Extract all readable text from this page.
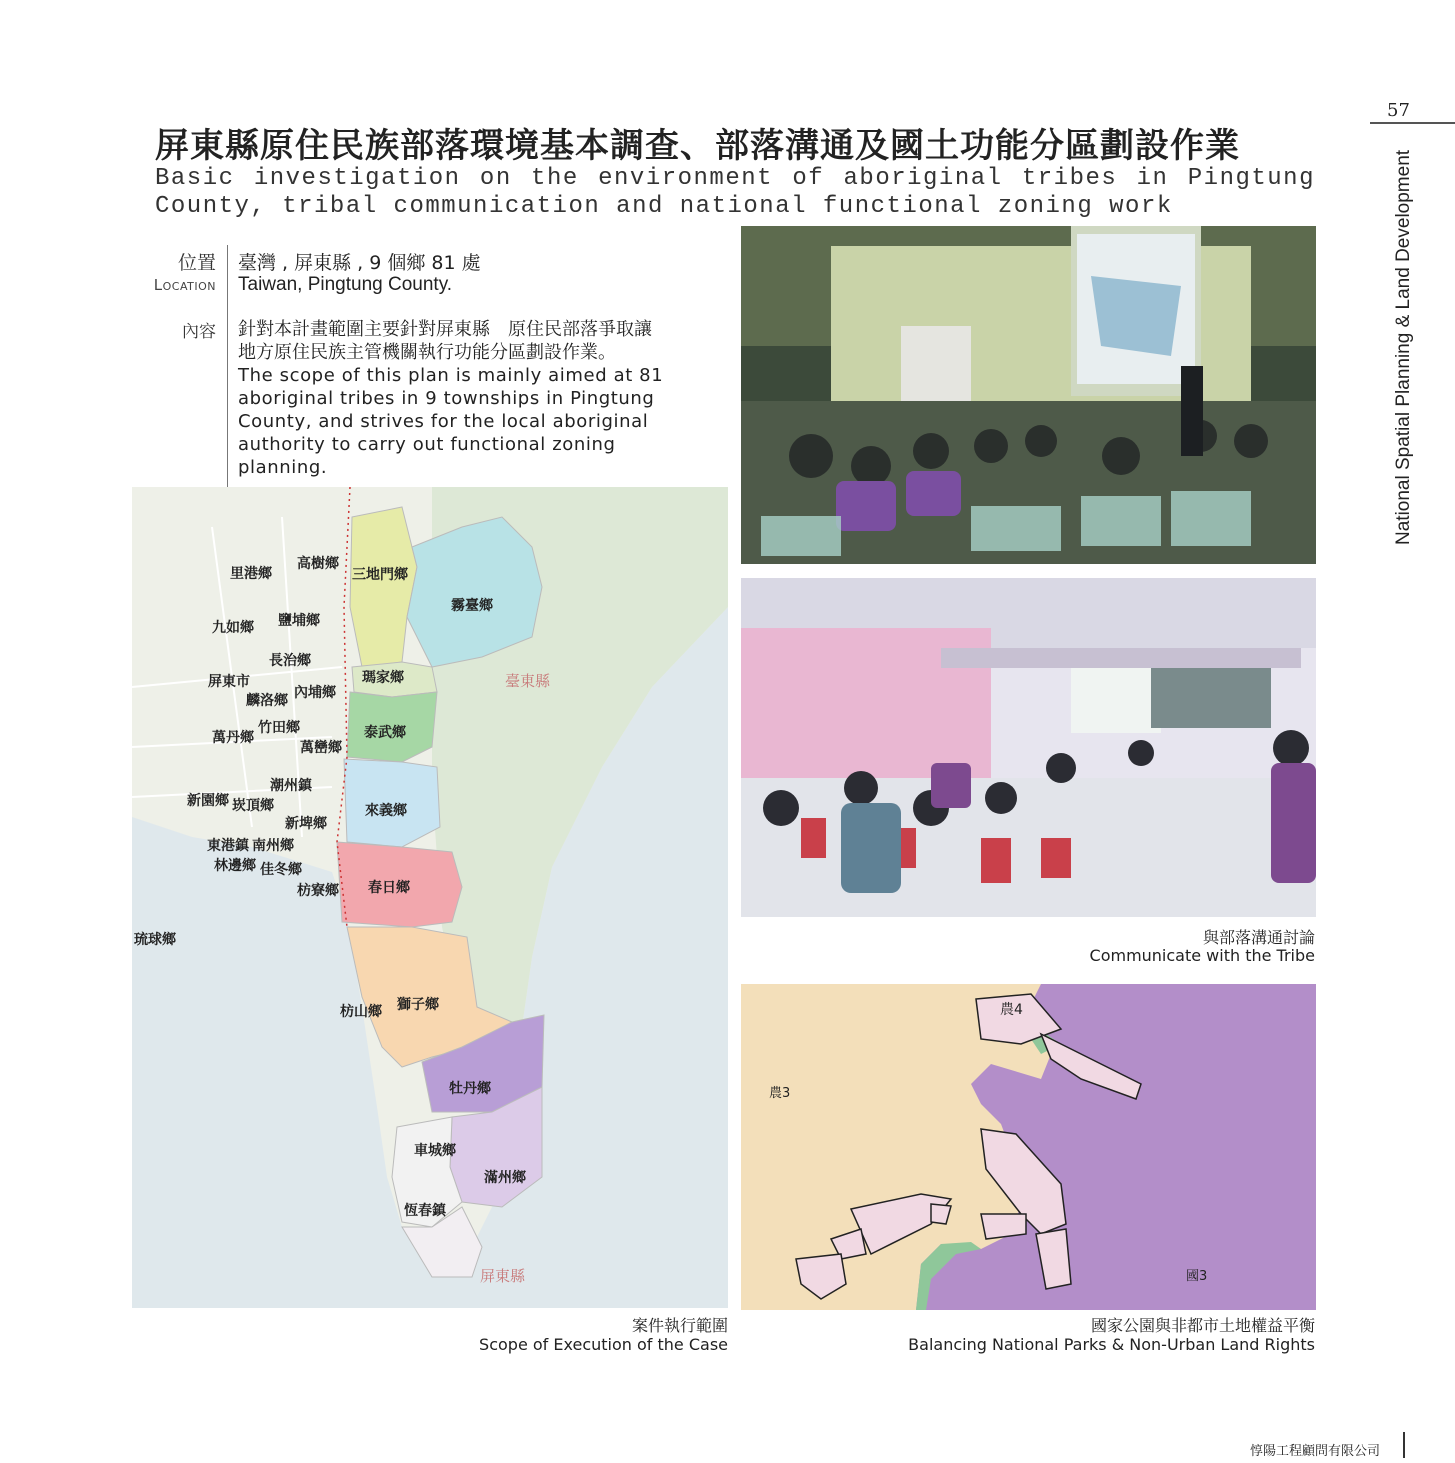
屏東縣原住民族部落環境基本調查、部落溝通及國土功能分區劃設作業
Basic investigation on the environment of aboriginal tribes in Pingtung County, tribal communication and national functional zoning work
57
National Spatial Planning & Land Development
位置
Location
臺灣 , 屏東縣 , 9 個鄉 81 處
Taiwan, Pingtung County.
內容 針對本計畫範圍主要針對屏東縣　原住民部落爭取讓
地方原住民族主管機關執行功能分區劃設作業。
The scope of this plan is mainly aimed at 81 aboriginal tribes in 9 townships in Pingtung County, and strives for the local aboriginal authority to carry out functional zoning planning.
三地門鄉
霧臺鄉
瑪家鄉
泰武鄉
來義鄉
春日鄉
獅子鄉
枋山鄉
牡丹鄉
滿州鄉
車城鄉
恆春鎮
里港鄉
高樹鄉
鹽埔鄉
九如鄉
長治鄉
屏東市
麟洛鄉 內埔鄉
竹田鄉
萬丹鄉
萬巒鄉
潮州鎮
新園鄉 崁頂鄉
新埤鄉
東港鎮 南州鄉
林邊鄉 佳冬鄉
枋寮鄉
琉球鄉
臺東縣
屏東縣
案件執行範圍
Scope of Execution of the Case
與部落溝通討論
Communicate with the Tribe
農4
農3
國3
國家公園與非都市土地權益平衡
Balancing National Parks & Non-Urban Land Rights
惇陽工程顧問有限公司
